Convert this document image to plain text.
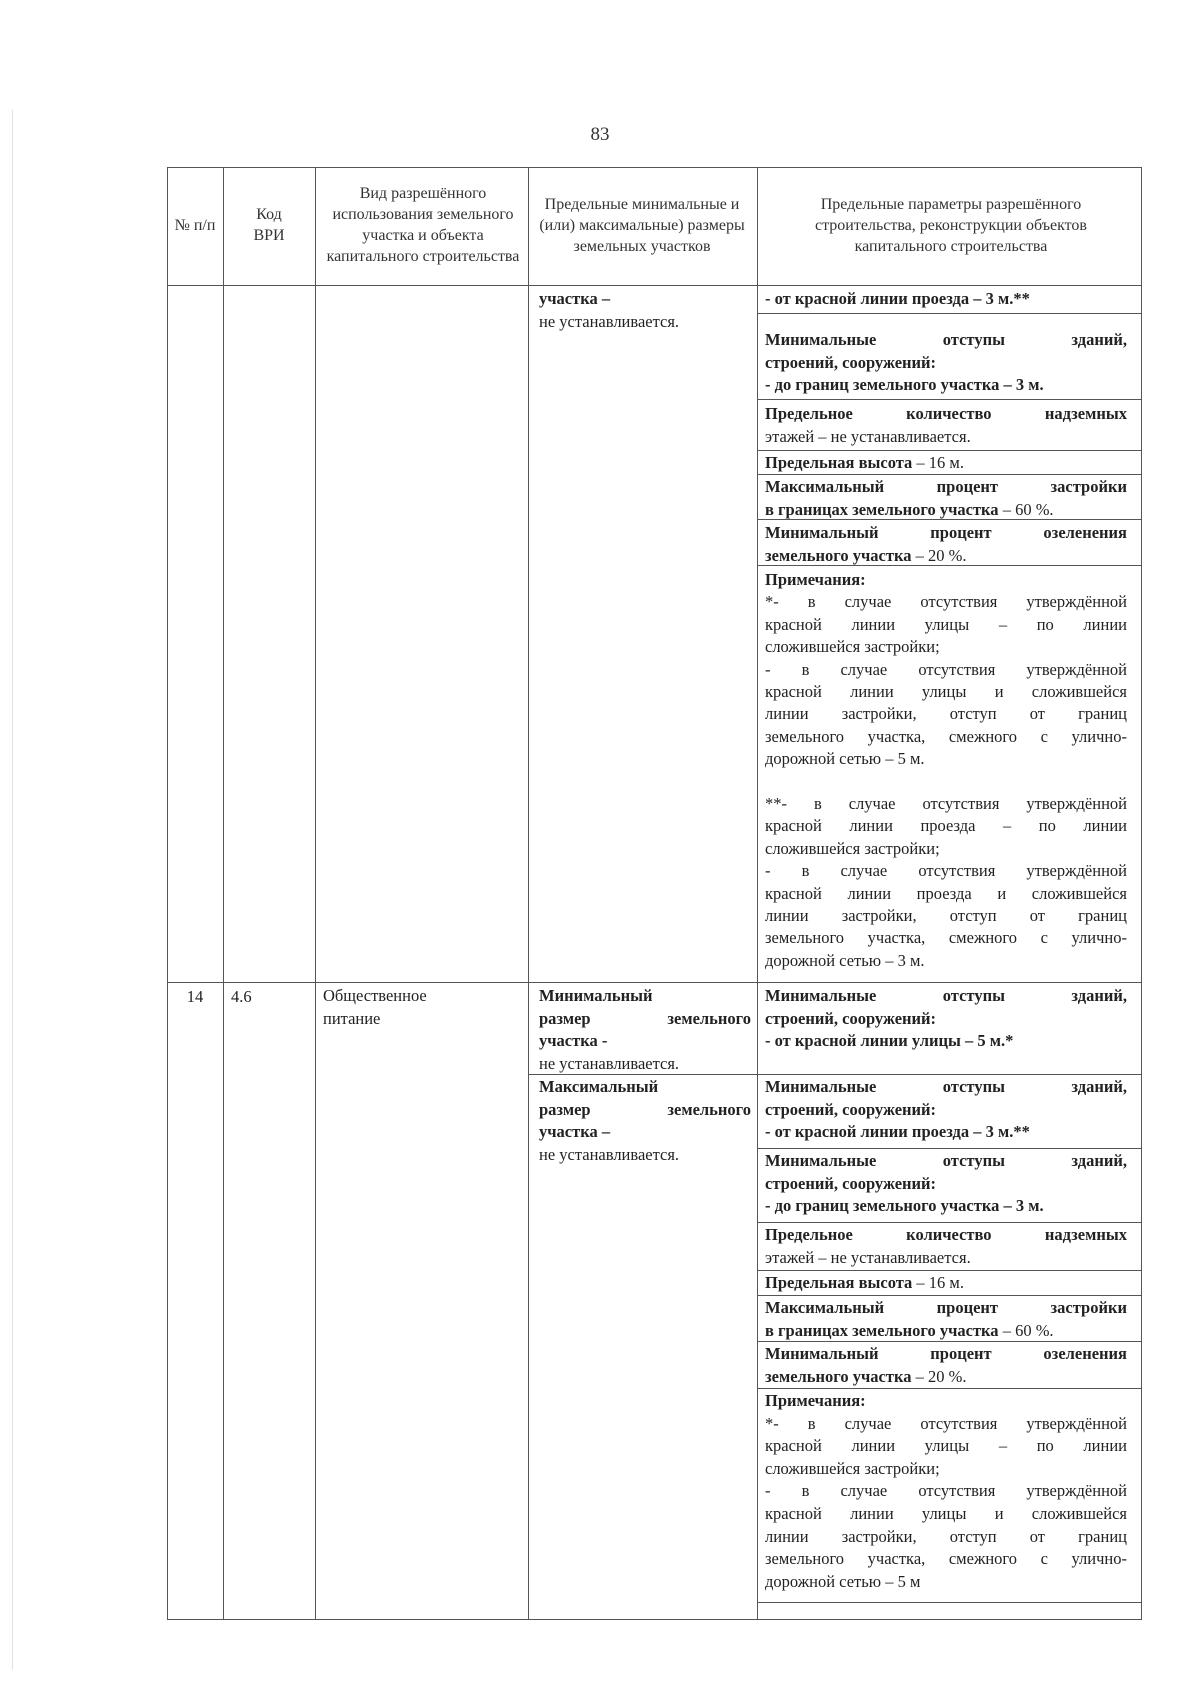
83
№ п/п
Код ВРИ
Вид разрешённого использования земельного участка и объекта капитального строительства
Предельные минимальные и (или) максимальные) размеры земельных участков
Предельные параметры разрешённого строительства, реконструкции объектов капитального строительства
участка –
не устанавливается.
- от красной линии проезда – 3 м.**
Минимальные отступы зданий,
строений, сооружений:
- до границ земельного участка – 3 м.
Предельное количество надземных
этажей – не устанавливается.
Предельная высота – 16 м.
Максимальный процент застройки
в границах земельного участка – 60 %.
Минимальный процент озеленения
земельного участка – 20 %.
Примечания:
*- в случае отсутствия утверждённой
красной линии улицы – по линии
сложившейся застройки;
- в случае отсутствия утверждённой
красной линии улицы и сложившейся
линии застройки, отступ от границ
земельного участка, смежного с улично-
дорожной сетью – 5 м.
**- в случае отсутствия утверждённой
красной линии проезда – по линии
сложившейся застройки;
- в случае отсутствия утверждённой
красной линии проезда и сложившейся
линии застройки, отступ от границ
земельного участка, смежного с улично-
дорожной сетью – 3 м.
14	4.6	Общественное
питание
Минимальный
размер земельного
участка -
не устанавливается.
Максимальный
размер земельного
участка –
не устанавливается.
Минимальные отступы зданий,
строений, сооружений:
- от красной линии улицы – 5 м.*
Минимальные отступы зданий,
строений, сооружений:
- от красной линии проезда – 3 м.**
Минимальные отступы зданий,
строений, сооружений:
- до границ земельного участка – 3 м.
Предельное количество надземных
этажей – не устанавливается.
Предельная высота – 16 м.
Максимальный процент застройки
в границах земельного участка – 60 %.
Минимальный процент озеленения
земельного участка – 20 %.
Примечания:
*- в случае отсутствия утверждённой
красной линии улицы – по линии
сложившейся застройки;
- в случае отсутствия утверждённой
красной линии улицы и сложившейся
линии застройки, отступ от границ
земельного участка, смежного с улично-
дорожной сетью – 5 м
